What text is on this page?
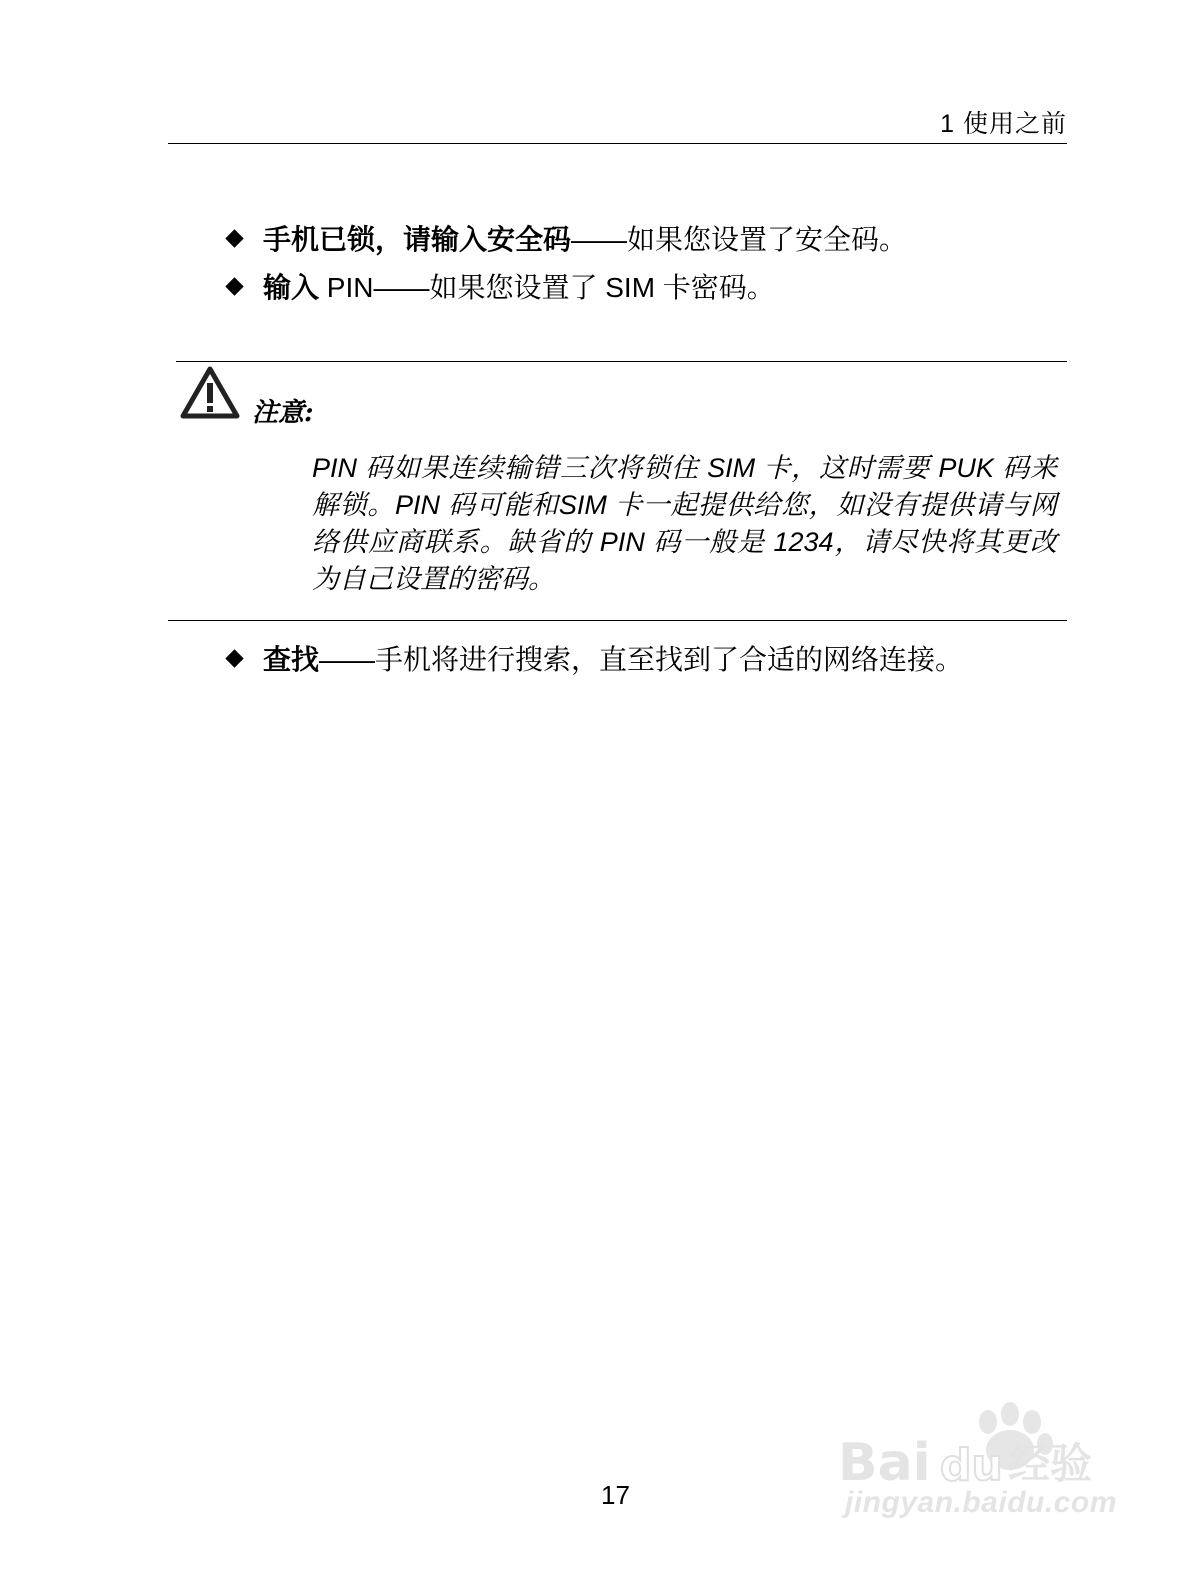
1 使用之前
手机已锁，请输入安全码——如果您设置了安全码。
输入 PIN——如果您设置了 SIM 卡密码。
注意:
PIN 码如果连续输错三次将锁住 SIM 卡，这时需要 PUK 码来解锁。PIN 码可能和SIM 卡一起提供给您，如没有提供请与网络供应商联系。缺省的 PIN 码一般是 1234，请尽快将其更改为自己设置的密码。
查找——手机将进行搜索，直至找到了合适的网络连接。
17
Bai du 经验
jingyan.baidu.com
